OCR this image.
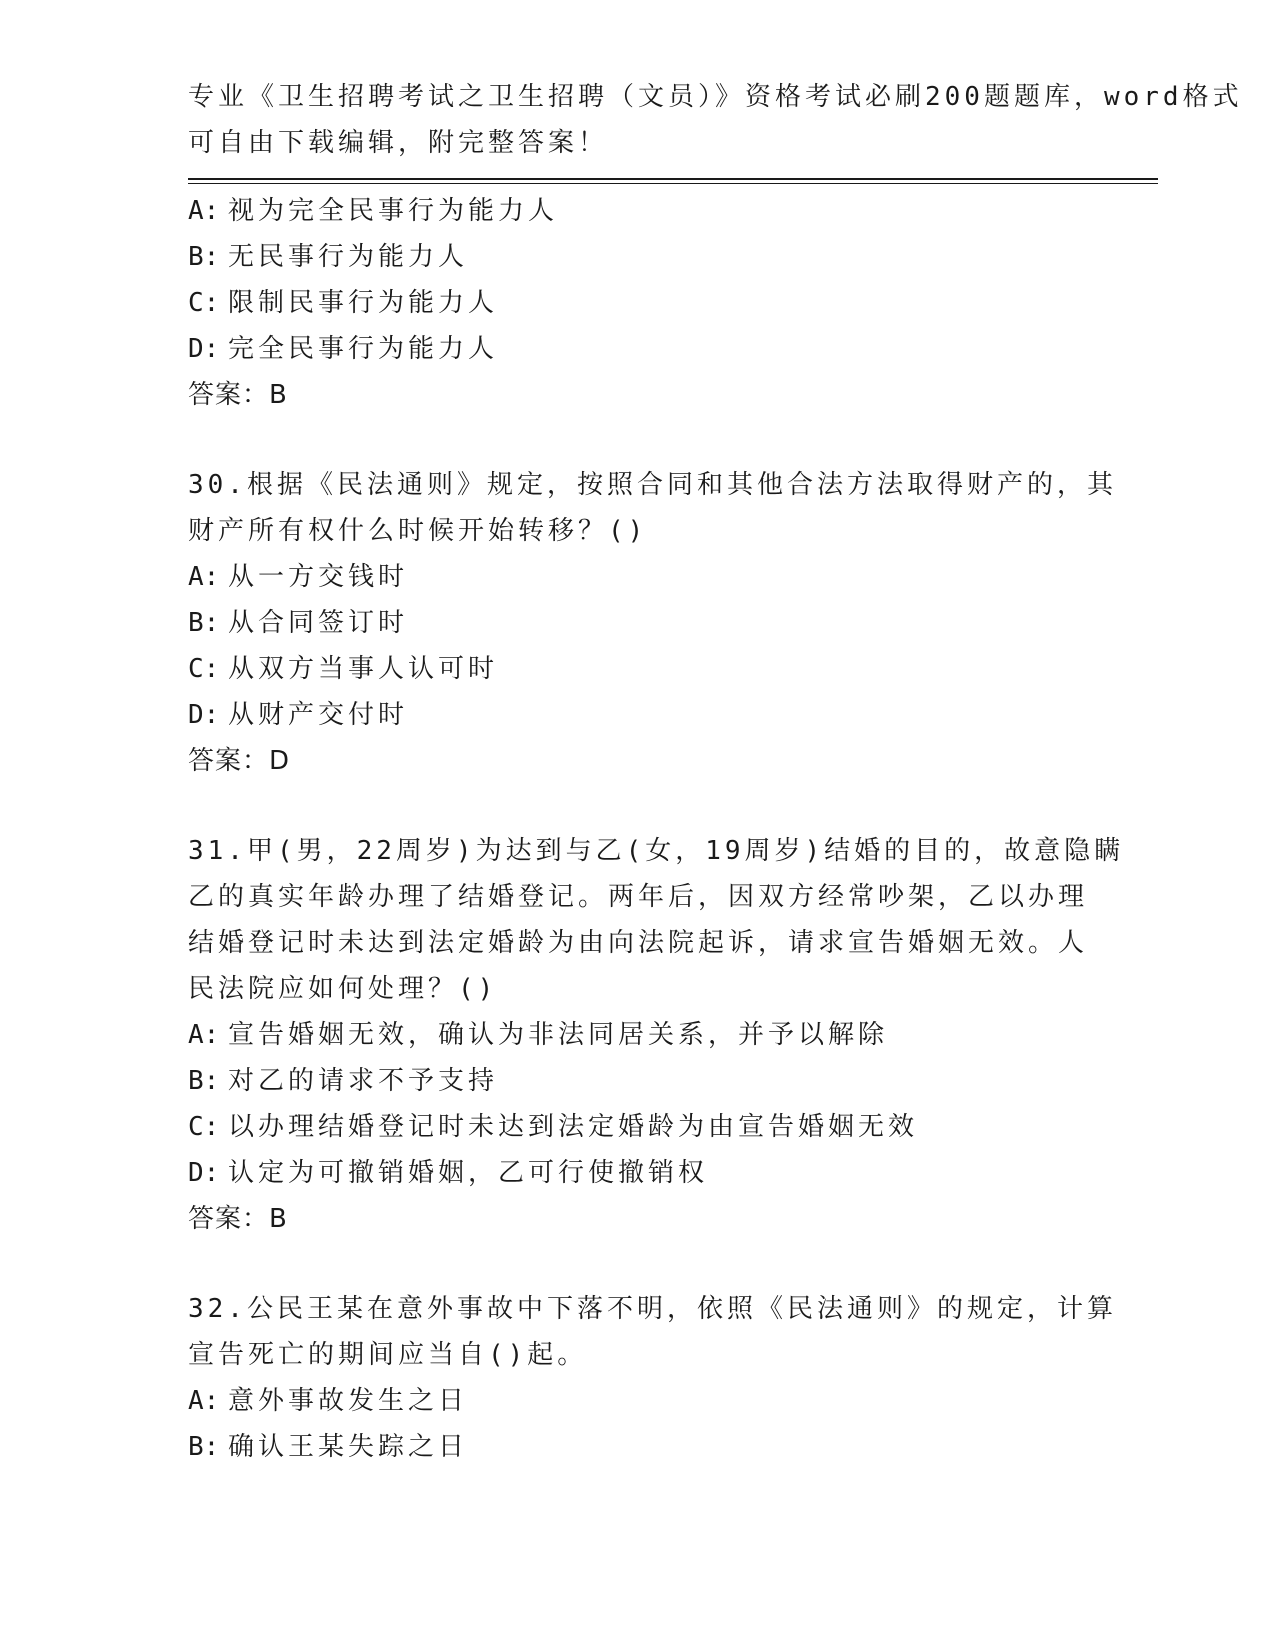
专业《卫生招聘考试之卫生招聘（文员）》资格考试必刷200题题库，word格式
可自由下载编辑，附完整答案！
A: 视为完全民事行为能力人
B: 无民事行为能力人
C: 限制民事行为能力人
D: 完全民事行为能力人
答案：B
30.根据《民法通则》规定，按照合同和其他合法方法取得财产的，其
财产所有权什么时候开始转移？()
A: 从一方交钱时
B: 从合同签订时
C: 从双方当事人认可时
D: 从财产交付时
答案：D
31.甲(男，22周岁)为达到与乙(女，19周岁)结婚的目的，故意隐瞒
乙的真实年龄办理了结婚登记。两年后，因双方经常吵架，乙以办理
结婚登记时未达到法定婚龄为由向法院起诉，请求宣告婚姻无效。人
民法院应如何处理？()
A: 宣告婚姻无效，确认为非法同居关系，并予以解除
B: 对乙的请求不予支持
C: 以办理结婚登记时未达到法定婚龄为由宣告婚姻无效
D: 认定为可撤销婚姻，乙可行使撤销权
答案：B
32.公民王某在意外事故中下落不明，依照《民法通则》的规定，计算
宣告死亡的期间应当自()起。
A: 意外事故发生之日
B: 确认王某失踪之日
